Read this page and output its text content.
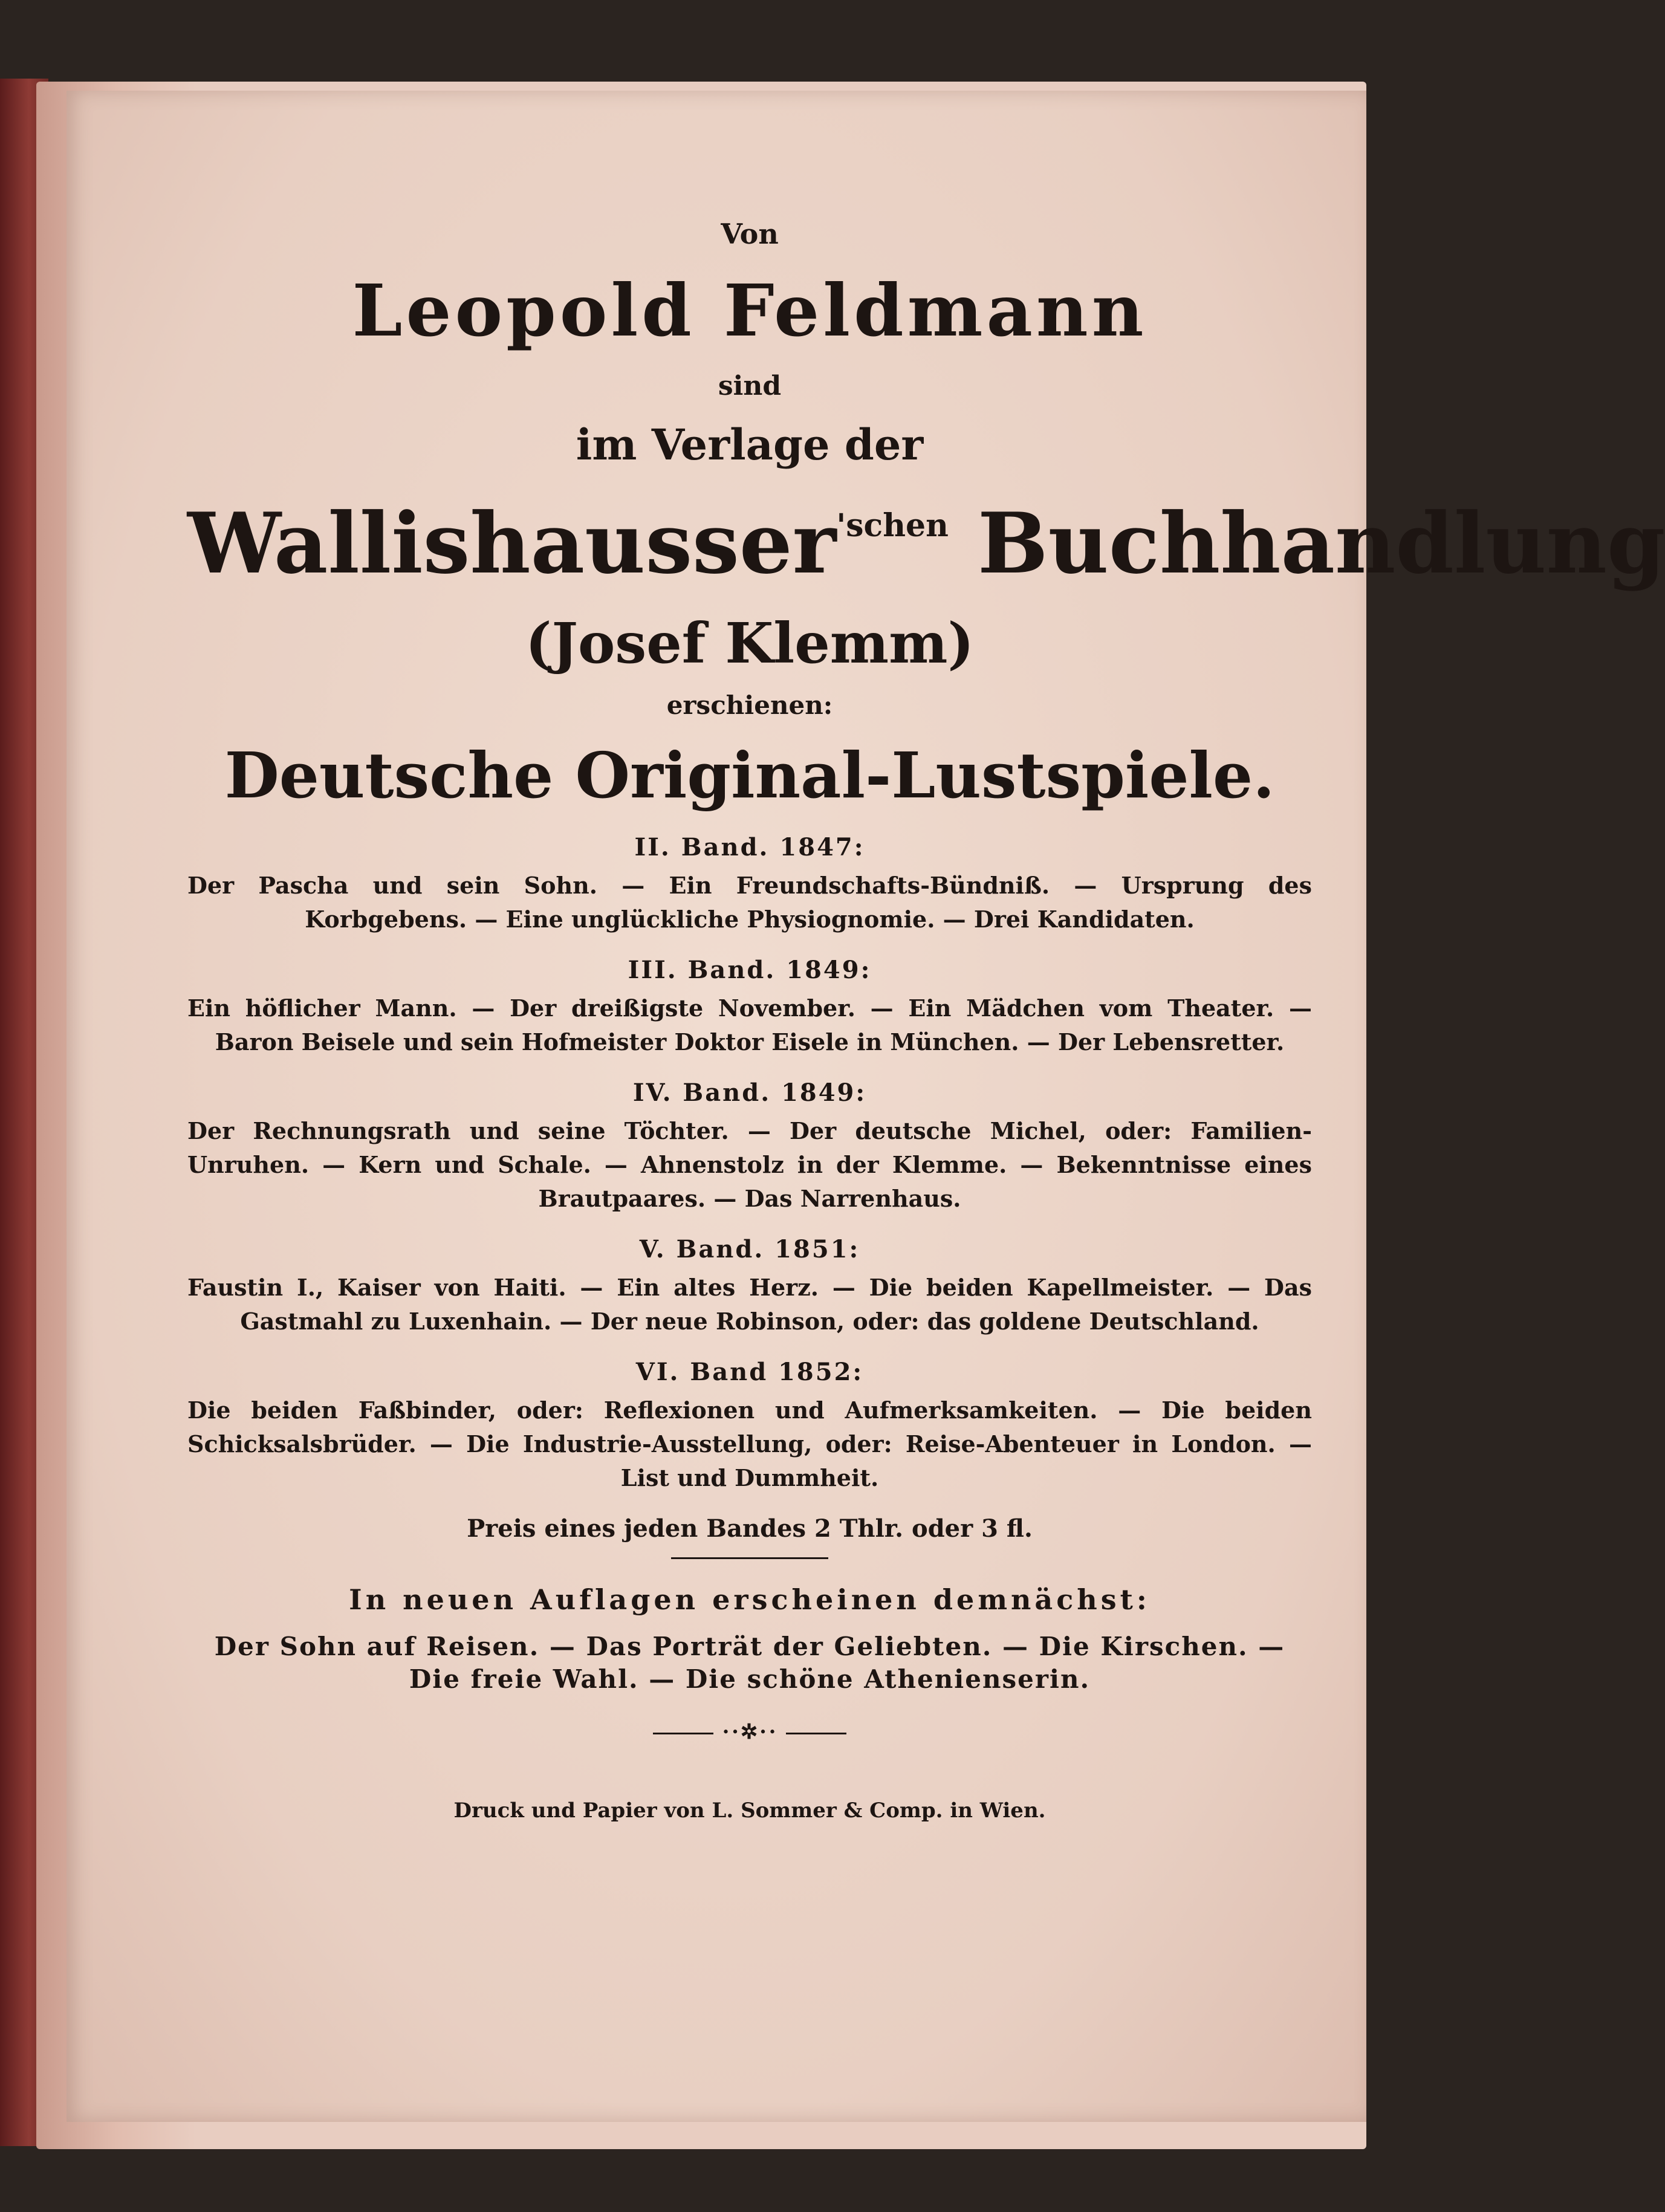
Von
Leopold Feldmann
sind
im Verlage der
Wallishausser$^{'schen}$ Buchhandlung
(Josef Klemm)
erschienen:
Deutsche Original-Lustspiele.
II. Band. 1847:
Der Pascha und sein Sohn. — Ein Freundschafts-Bündniß. — Ursprung des Korbgebens. — Eine unglückliche Physiognomie. — Drei Kandidaten.
III. Band. 1849:
Ein höflicher Mann. — Der dreißigste November. — Ein Mädchen vom Theater. — Baron Beisele und sein Hofmeister Doktor Eisele in München. — Der Lebensretter.
IV. Band. 1849:
Der Rechnungsrath und seine Töchter. — Der deutsche Michel, oder: Familien-Unruhen. — Kern und Schale. — Ahnenstolz in der Klemme. — Bekenntnisse eines Brautpaares. — Das Narrenhaus.
V. Band. 1851:
Faustin I., Kaiser von Haiti. — Ein altes Herz. — Die beiden Kapellmeister. — Das Gastmahl zu Luxenhain. — Der neue Robinson, oder: das goldene Deutschland.
VI. Band 1852:
Die beiden Faßbinder, oder: Reflexionen und Aufmerksamkeiten. — Die beiden Schicksalsbrüder. — Die Industrie-Ausstellung, oder: Reise-Abenteuer in London. — List und Dummheit.
Preis eines jeden Bandes 2 Thlr. oder 3 fl.
In neuen Auflagen erscheinen demnächst:
Der Sohn auf Reisen. — Das Porträt der Geliebten. — Die Kirschen. — Die freie Wahl. — Die schöne Athenienserin.
⋅⋅✲⋅⋅
Druck und Papier von L. Sommer & Comp. in Wien.
